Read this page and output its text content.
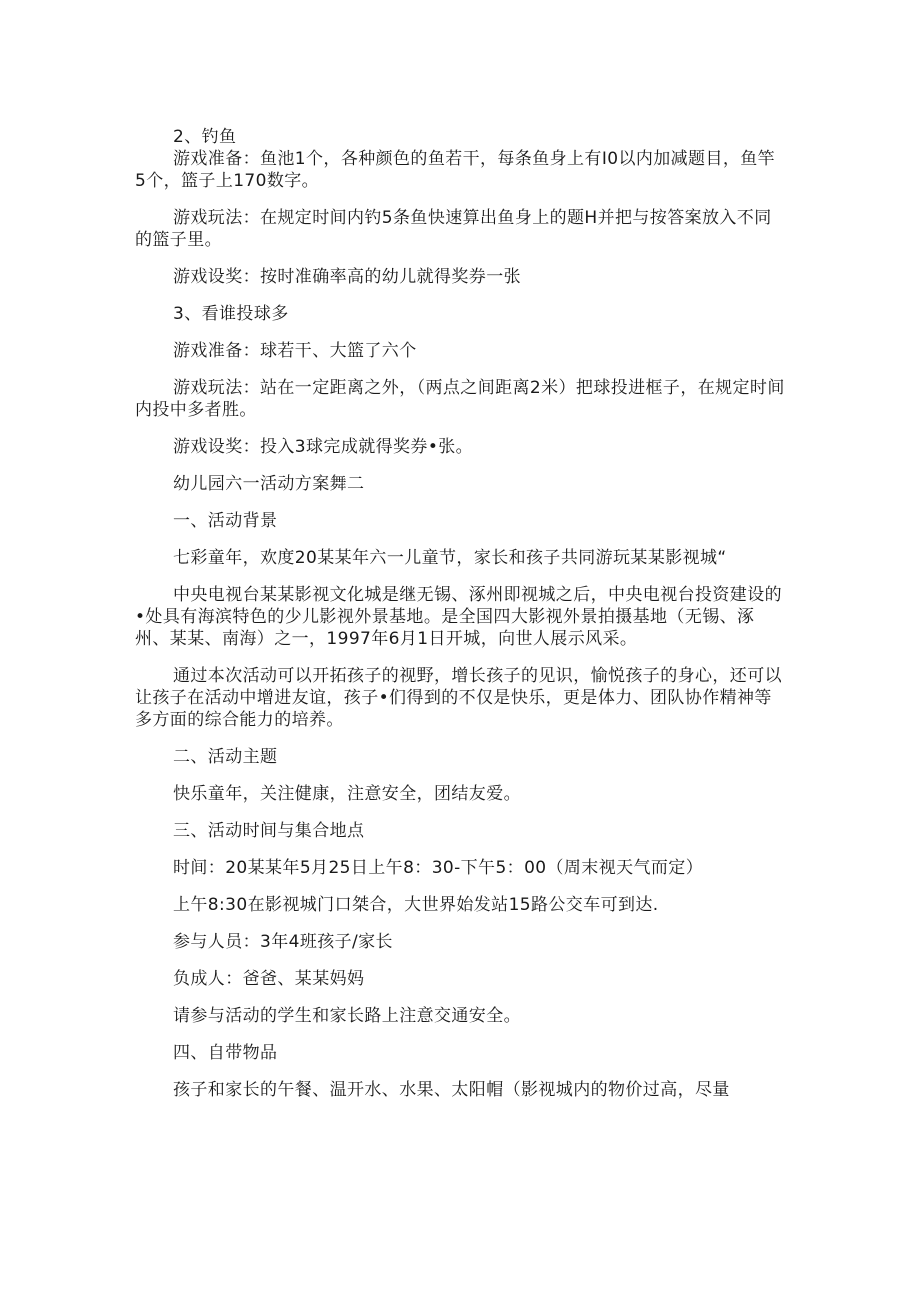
2、钓鱼

游戏准备：鱼池1个，各种颜色的鱼若干，每条鱼身上有I0以内加减题目，鱼竿5个，篮子上170数字。

游戏玩法：在规定时间内钓5条鱼快速算出鱼身上的题H并把与按答案放入不同的篮子里。

游戏设奖：按时准确率高的幼儿就得奖券一张

3、看谁投球多

游戏准备：球若干、大篮了六个

游戏玩法：站在一定距离之外，（两点之间距离2米）把球投进框子，在规定时间内投中多者胜。

游戏设奖：投入3球完成就得奖券•张。

幼儿园六一活动方案舞二

一、活动背景

七彩童年，欢度20某某年六一儿童节，家长和孩子共同游玩某某影视城“

中央电视台某某影视文化城是继无锡、涿州即视城之后，中央电视台投资建设的•处具有海滨特色的少儿影视外景基地。是全国四大影视外景拍摄基地（无锡、涿州、某某、南海）之一，1997年6月1日开城，向世人展示风采。

通过本次活动可以开拓孩子的视野，增长孩子的见识，愉悦孩子的身心，还可以让孩子在活动中增进友谊，孩子•们得到的不仅是快乐，更是体力、团队协作精神等多方面的综合能力的培养。

二、活动主题

快乐童年，关注健康，注意安全，团结友爱。

三、活动时间与集合地点

时间：20某某年5月25日上午8：30-下午5：00（周末视天气而定）

上午8:30在影视城门口桀合，大世界始发站15路公交车可到达.

参与人员：3年4班孩子/家长

负成人：爸爸、某某妈妈

请参与活动的学生和家长路上注意交通安全。

四、自带物品

孩子和家长的午餐、温开水、水果、太阳帽（影视城内的物价过高，尽量
